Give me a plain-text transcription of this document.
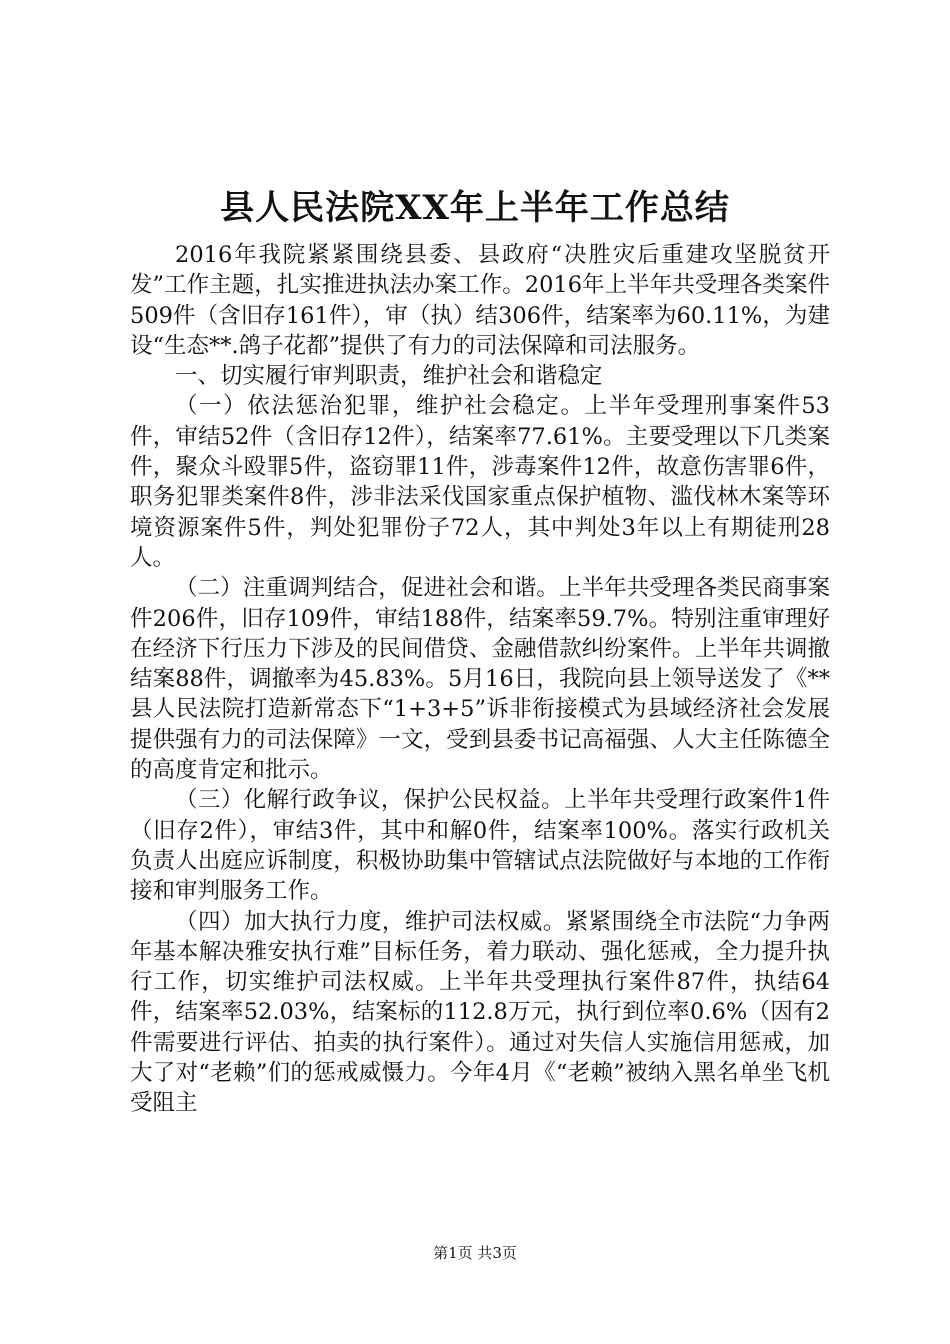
县人民法院XX年上半年工作总结

2016年我院紧紧围绕县委、县政府“决胜灾后重建攻坚脱贫开发”工作主题，扎实推进执法办案工作。2016年上半年共受理各类案件509件（含旧存161件），审（执）结306件，结案率为60.11%，为建设“生态**.鸽子花都”提供了有力的司法保障和司法服务。

一、切实履行审判职责，维护社会和谐稳定

（一）依法惩治犯罪，维护社会稳定。上半年受理刑事案件53件，审结52件（含旧存12件），结案率77.61%。主要受理以下几类案件，聚众斗殴罪5件，盗窃罪11件，涉毒案件12件，故意伤害罪6件，职务犯罪类案件8件，涉非法采伐国家重点保护植物、滥伐林木案等环境资源案件5件，判处犯罪份子72人，其中判处3年以上有期徒刑28人。

（二）注重调判结合，促进社会和谐。上半年共受理各类民商事案件206件，旧存109件，审结188件，结案率59.7%。特别注重审理好在经济下行压力下涉及的民间借贷、金融借款纠纷案件。上半年共调撤结案88件，调撤率为45.83%。5月16日，我院向县上领导送发了《**县人民法院打造新常态下“1+3+5”诉非衔接模式为县域经济社会发展提供强有力的司法保障》一文，受到县委书记高福强、人大主任陈德全的高度肯定和批示。

（三）化解行政争议，保护公民权益。上半年共受理行政案件1件（旧存2件），审结3件，其中和解0件，结案率100%。落实行政机关负责人出庭应诉制度，积极协助集中管辖试点法院做好与本地的工作衔接和审判服务工作。

（四）加大执行力度，维护司法权威。紧紧围绕全市法院“力争两年基本解决雅安执行难”目标任务，着力联动、强化惩戒，全力提升执行工作，切实维护司法权威。上半年共受理执行案件87件，执结64件，结案率52.03%，结案标的112.8万元，执行到位率0.6%（因有2件需要进行评估、拍卖的执行案件）。通过对失信人实施信用惩戒，加大了对“老赖”们的惩戒威慑力。今年4月《“老赖”被纳入黑名单坐飞机受阻主

第1页 共3页
